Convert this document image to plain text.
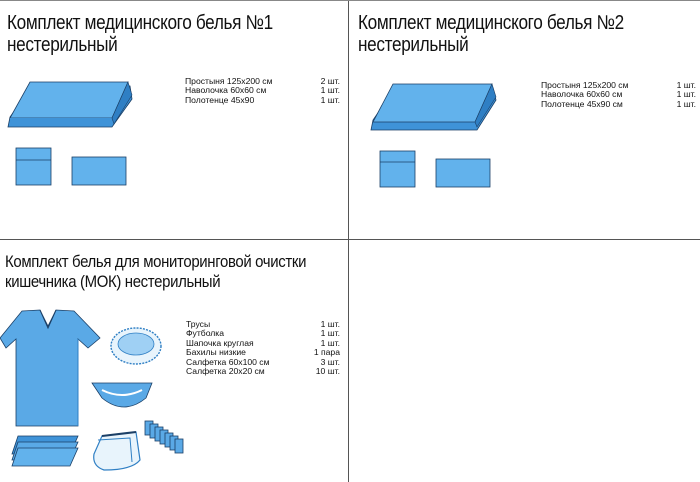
Комплект медицинского белья №1
нестерильный
Простыня 125х200 см	2 шт.
Наволочка 60х60 см	1 шт.
Полотенце 45х90	1 шт.
Комплект медицинского белья №2
нестерильный
Простыня 125х200 см	1 шт.
Наволочка 60х60 см	1 шт.
Полотенце 45х90 см	1 шт.
Комплект белья для мониторинговой очистки
кишечника (МОК) нестерильный
Трусы	1 шт.
Футболка	1 шт.
Шапочка круглая	1 шт.
Бахилы низкие	1 пара
Салфетка 60х100 см	3 шт.
Салфетка 20х20 см	10 шт.
